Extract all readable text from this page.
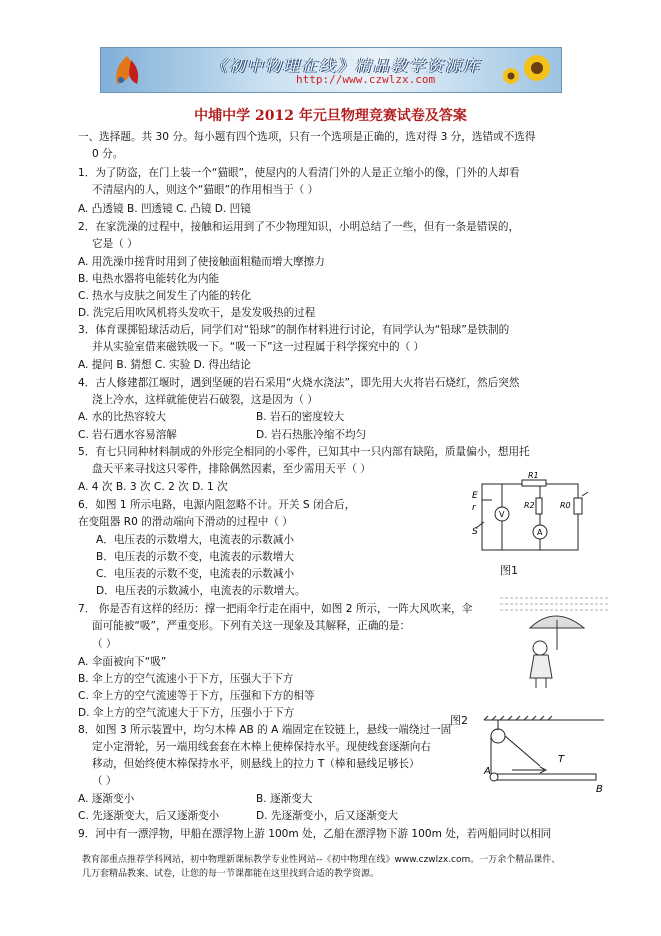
《初中物理在线》精品教学资源库
http://www.czwlzx.com
中埔中学 2012 年元旦物理竞赛试卷及答案
一、选择题。共 30 分。每小题有四个选项，只有一个选项是正确的，选对得 3 分，选错或不选得
0 分。
1．为了防盗，在门上装一个“猫眼”，使屋内的人看清门外的人是正立缩小的像，门外的人却看
不清屋内的人，则这个“猫眼”的作用相当于（ ）
A. 凸透镜 B. 凹透镜 C. 凸镜 D. 凹镜
2．在家洗澡的过程中，接触和运用到了不少物理知识，小明总结了一些，但有一条是错误的，
它是（ ）
A. 用洗澡巾搓背时用到了使接触面粗糙而增大摩擦力
B. 电热水器将电能转化为内能
C. 热水与皮肤之间发生了内能的转化
D. 洗完后用吹风机将头发吹干，是发发吸热的过程
3．体育课掷铅球活动后，同学们对“铅球”的制作材料进行讨论，有同学认为“铅球”是铁制的
并从实验室借来磁铁吸一下。“吸一下”这一过程属于科学探究中的（ ）
A. 提问 B. 猜想 C. 实验 D. 得出结论
4．古人修建都江堰时，遇到坚硬的岩石采用“火烧水浇法”，即先用大火将岩石烧红，然后突然
浇上冷水，这样就能使岩石破裂，这是因为（ ）
A. 水的比热容较大	B. 岩石的密度较大
C. 岩石遇水容易溶解	D. 岩石热胀冷缩不均匀
5．有七只同种材料制成的外形完全相同的小零件，已知其中一只内部有缺陷，质量偏小，想用托
盘天平来寻找这只零件，排除偶然因素，至少需用天平（ ）
A. 4 次 B. 3 次 C. 2 次 D. 1 次
6．如图 1 所示电路，电源内阻忽略不计。开关 S 闭合后，
在变阻器 R0 的滑动端向下滑动的过程中（ ）
A．电压表的示数增大，电流表的示数减小
B．电压表的示数不变，电流表的示数增大
C．电压表的示数不变，电流表的示数减小
D．电压表的示数减小，电流表的示数增大。
7． 你是否有这样的经历：撑一把雨伞行走在雨中，如图 2 所示，一阵大风吹来，伞
面可能被“吸”，严重变形。下列有关这一现象及其解释，正确的是：
（ ）
A. 伞面被向下“吸”
B. 伞上方的空气流速小于下方，压强大于下方
C. 伞上方的空气流速等于下方，压强和下方的相等
D. 伞上方的空气流速大于下方，压强小于下方
8．如图 3 所示装置中，均匀木棒 AB 的 A 端固定在铰链上，悬线一端绕过一固
定小定滑轮，另一端用线套套在木棒上使棒保持水平。现使线套逐渐向右
移动，但始终使木棒保持水平，则悬线上的拉力 T（棒和悬线足够长）
（ ）
A. 逐渐变小	B. 逐渐变大
C. 先逐渐变大，后又逐渐变小	D. 先逐渐变小，后又逐渐变大
9．河中有一漂浮物，甲船在漂浮物上游 100m 处，乙船在漂浮物下游 100m 处，若两船同时以相同
E
r
S
R1
R2	R0
V
A
图1
图2
T
A
B
教育部重点推荐学科网站，初中物理新课标教学专业性网站--《初中物理在线》www.czwlzx.com。一万余个精品课件、
几万套精品教案、试卷，让您的每一节课都能在这里找到合适的教学资源。
